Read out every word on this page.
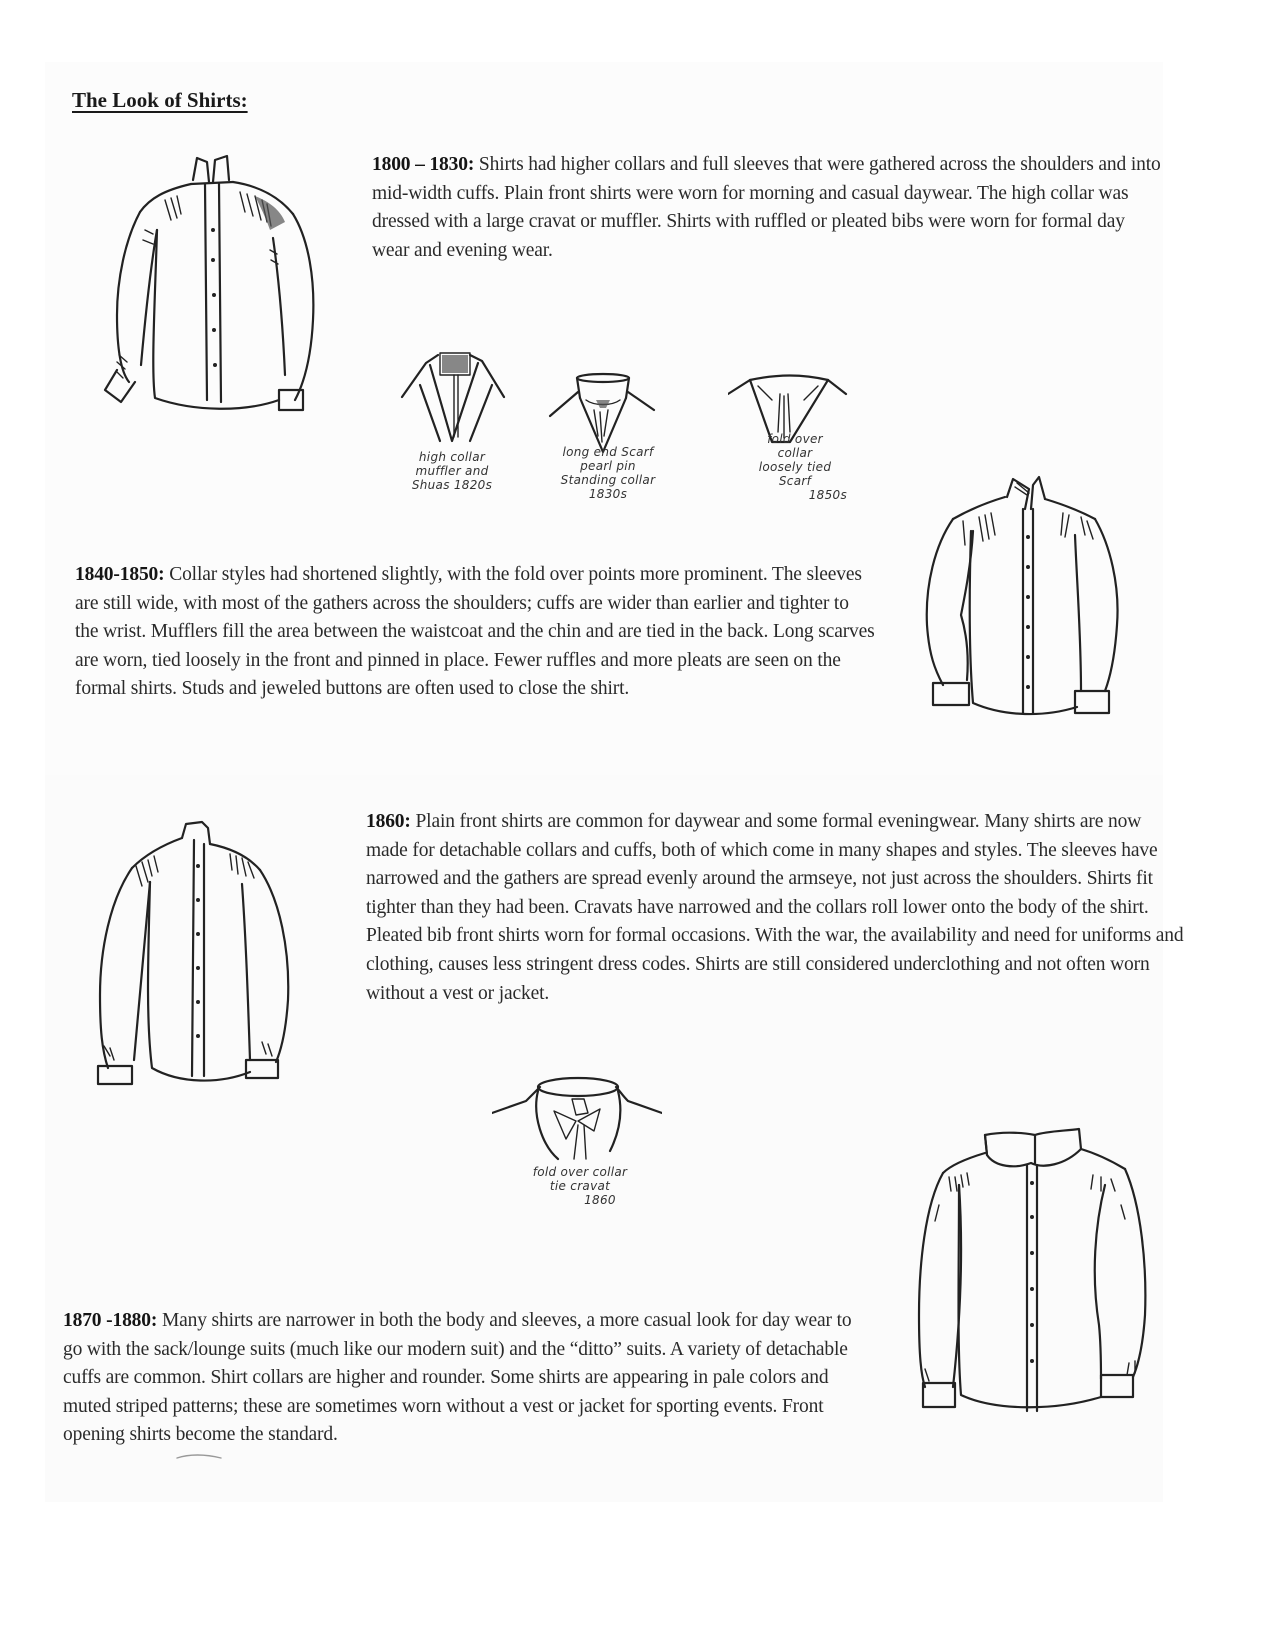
The Look of Shirts:
1800 – 1830: Shirts had higher collars and full sleeves that were gathered across the shoulders and into mid-width cuffs. Plain front shirts were worn for morning and casual daywear. The high collar was dressed with a large cravat or muffler. Shirts with ruffled or pleated bibs were worn for formal day wear and evening wear.
high collar
muffler and
Shuas 1820s
long end Scarf
pearl pin
Standing collar
1830s
fold over
collar
loosely tied
Scarf
1850s
1840-1850: Collar styles had shortened slightly, with the fold over points more prominent. The sleeves are still wide, with most of the gathers across the shoulders; cuffs are wider than earlier and tighter to the wrist. Mufflers fill the area between the waistcoat and the chin and are tied in the back. Long scarves are worn, tied loosely in the front and pinned in place. Fewer ruffles and more pleats are seen on the formal shirts. Studs and jeweled buttons are often used to close the shirt.
1860: Plain front shirts are common for daywear and some formal eveningwear. Many shirts are now made for detachable collars and cuffs, both of which come in many shapes and styles. The sleeves have narrowed and the gathers are spread evenly around the armseye, not just across the shoulders. Shirts fit tighter than they had been. Cravats have narrowed and the collars roll lower onto the body of the shirt. Pleated bib front shirts worn for formal occasions. With the war, the availability and need for uniforms and clothing, causes less stringent dress codes. Shirts are still considered underclothing and not often worn without a vest or jacket.
fold over collar
tie cravat
1860
1870 -1880: Many shirts are narrower in both the body and sleeves, a more casual look for day wear to go with the sack/lounge suits (much like our modern suit) and the “ditto” suits. A variety of detachable cuffs are common. Shirt collars are higher and rounder. Some shirts are appearing in pale colors and muted striped patterns; these are sometimes worn without a vest or jacket for sporting events. Front opening shirts become the standard.
